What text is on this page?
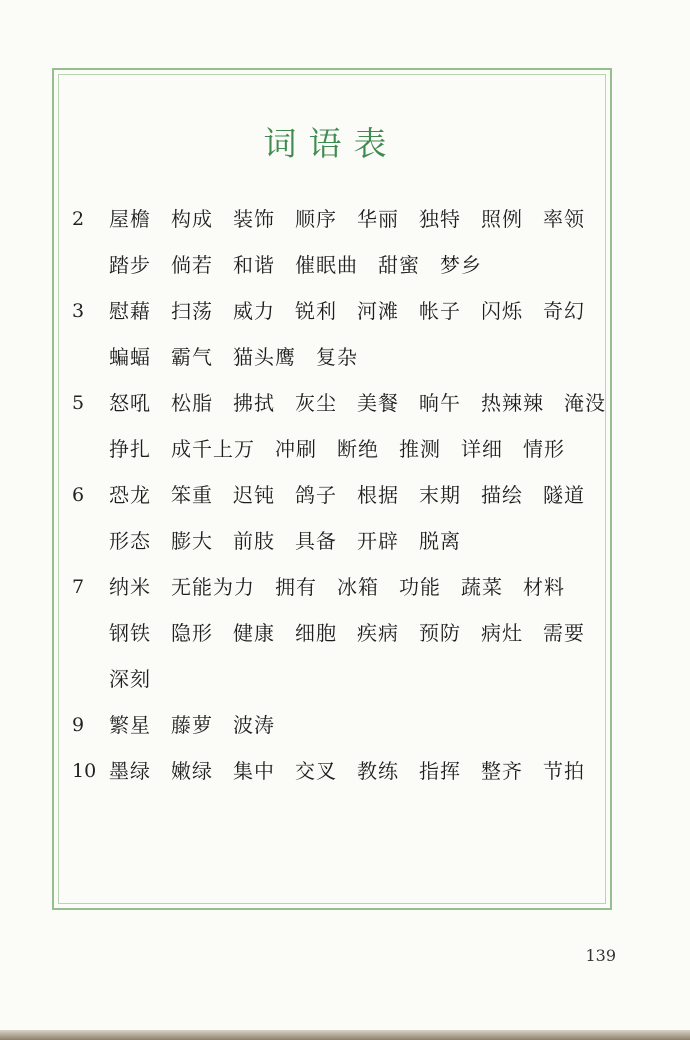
词语表
2	屋檐 构成 装饰 顺序 华丽 独特 照例 率领
踏步 倘若 和谐 催眠曲 甜蜜 梦乡
3	慰藉 扫荡 威力 锐利 河滩 帐子 闪烁 奇幻
蝙蝠 霸气 猫头鹰 复杂
5	怒吼 松脂 拂拭 灰尘 美餐 晌午 热辣辣 淹没
挣扎 成千上万 冲刷 断绝 推测 详细 情形
6	恐龙 笨重 迟钝 鸽子 根据 末期 描绘 隧道
形态 膨大 前肢 具备 开辟 脱离
7	纳米 无能为力 拥有 冰箱 功能 蔬菜 材料
钢铁 隐形 健康 细胞 疾病 预防 病灶 需要
深刻
9	繁星 藤萝 波涛
10 墨绿 嫩绿 集中 交叉 教练 指挥 整齐 节拍
139
